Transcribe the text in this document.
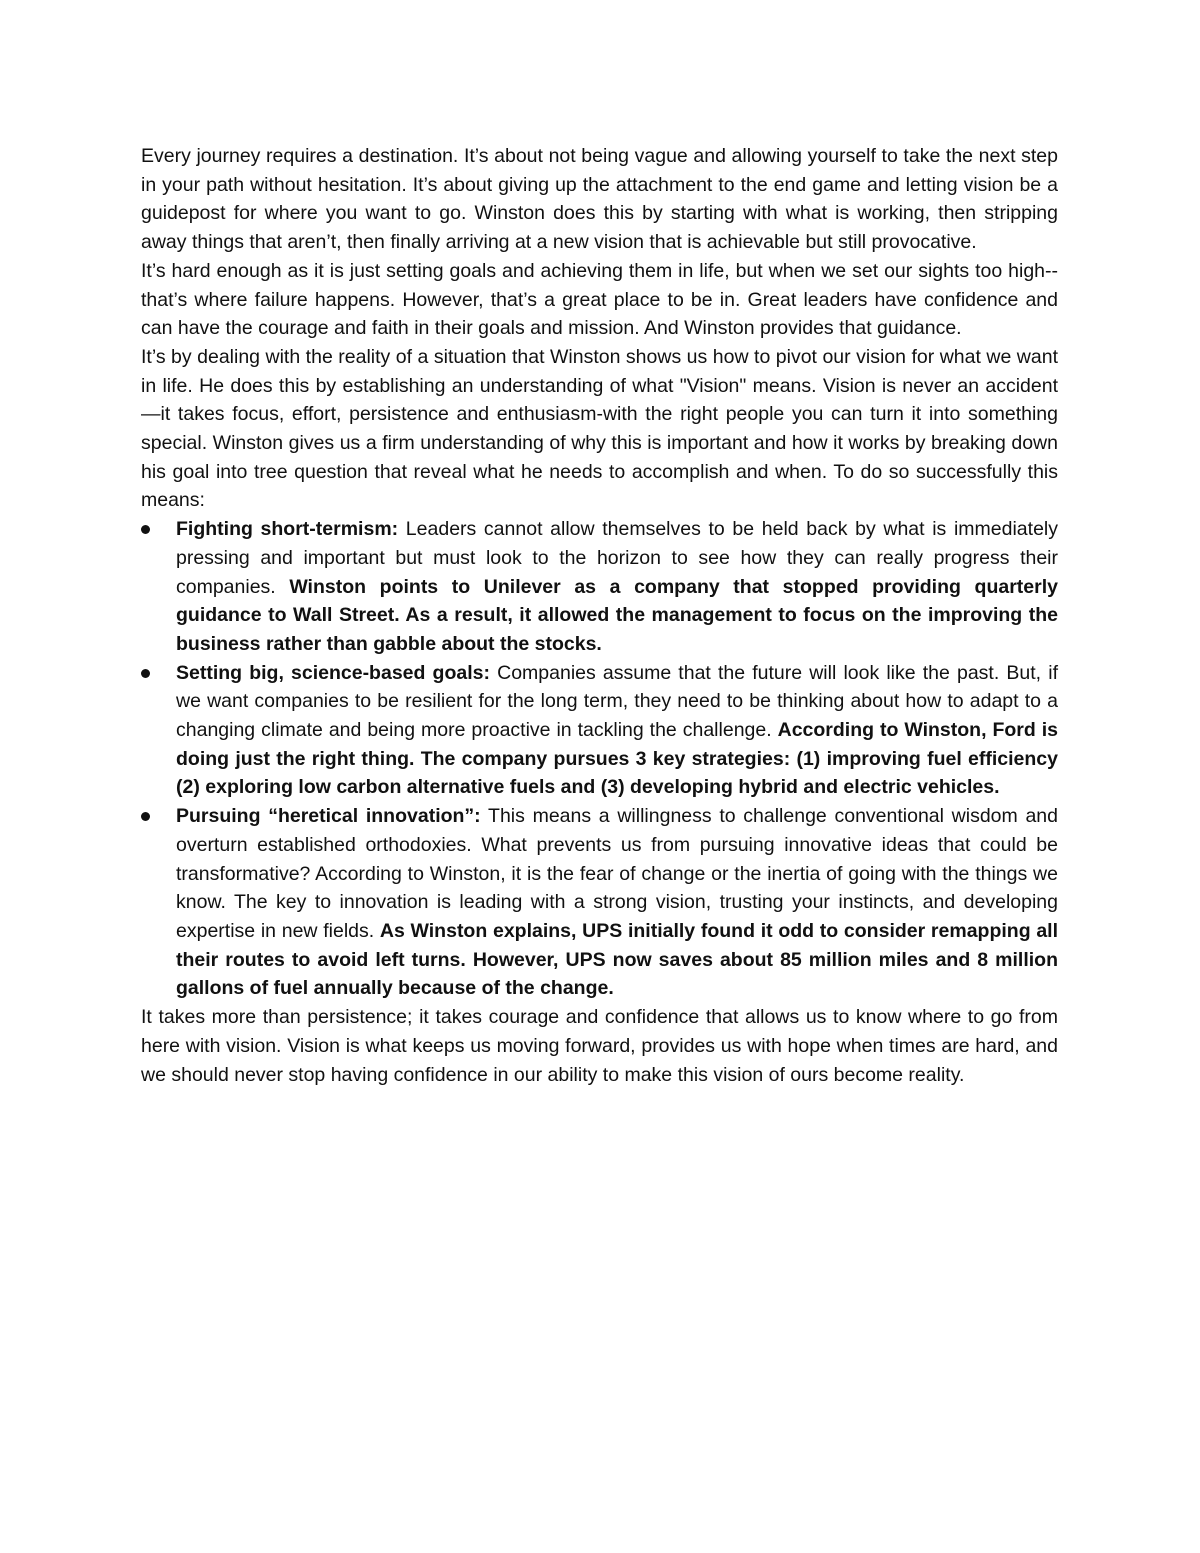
Every journey requires a destination. It’s about not being vague and allowing yourself to take the next step in your path without hesitation. It’s about giving up the attachment to the end game and letting vision be a guidepost for where you want to go. Winston does this by starting with what is working, then stripping away things that aren’t, then finally arriving at a new vision that is achievable but still provocative.

It’s hard enough as it is just setting goals and achieving them in life, but when we set our sights too high--that’s where failure happens. However, that’s a great place to be in. Great leaders have confidence and can have the courage and faith in their goals and mission. And Winston provides that guidance.

It’s by dealing with the reality of a situation that Winston shows us how to pivot our vision for what we want in life. He does this by establishing an understanding of what "Vision" means. Vision is never an accident—it takes focus, effort, persistence and enthusiasm-with the right people you can turn it into something special. Winston gives us a firm understanding of why this is important and how it works by breaking down his goal into tree question that reveal what he needs to accomplish and when. To do so successfully this means:

Fighting short-termism: Leaders cannot allow themselves to be held back by what is immediately pressing and important but must look to the horizon to see how they can really progress their companies. Winston points to Unilever as a company that stopped providing quarterly guidance to Wall Street. As a result, it allowed the management to focus on the improving the business rather than gabble about the stocks.
Setting big, science-based goals: Companies assume that the future will look like the past. But, if we want companies to be resilient for the long term, they need to be thinking about how to adapt to a changing climate and being more proactive in tackling the challenge. According to Winston, Ford is doing just the right thing. The company pursues 3 key strategies: (1) improving fuel efficiency (2) exploring low carbon alternative fuels and (3) developing hybrid and electric vehicles.
Pursuing “heretical innovation”: This means a willingness to challenge conventional wisdom and overturn established orthodoxies. What prevents us from pursuing innovative ideas that could be transformative? According to Winston, it is the fear of change or the inertia of going with the things we know. The key to innovation is leading with a strong vision, trusting your instincts, and developing expertise in new fields. As Winston explains, UPS initially found it odd to consider remapping all their routes to avoid left turns. However, UPS now saves about 85 million miles and 8 million gallons of fuel annually because of the change.

It takes more than persistence; it takes courage and confidence that allows us to know where to go from here with vision. Vision is what keeps us moving forward, provides us with hope when times are hard, and we should never stop having confidence in our ability to make this vision of ours become reality.
